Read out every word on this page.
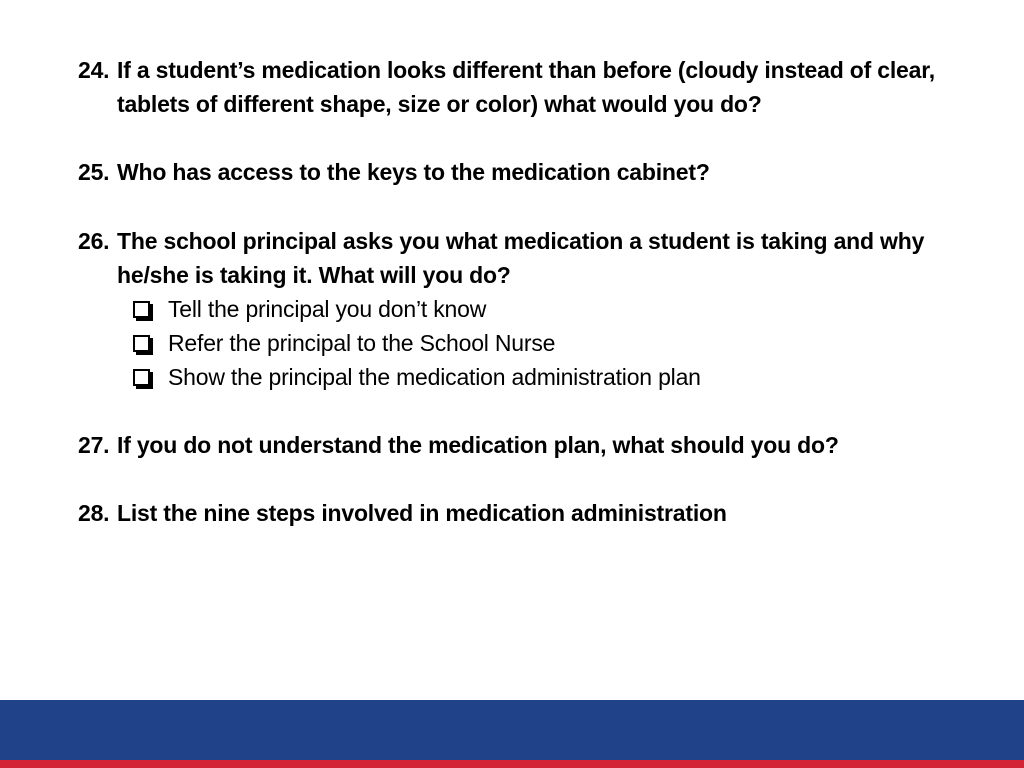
24. If a student’s medication looks different than before (cloudy instead of clear, tablets of different shape, size or color) what would you do?
25. Who has access to the keys to the medication cabinet?
26. The school principal asks you what medication a student is taking and why he/she is taking it. What will you do?
Tell the principal you don’t know
Refer the principal to the School Nurse
Show the principal the medication administration plan
27. If you do not understand the medication plan, what should you do?
28. List the nine steps involved in medication administration
